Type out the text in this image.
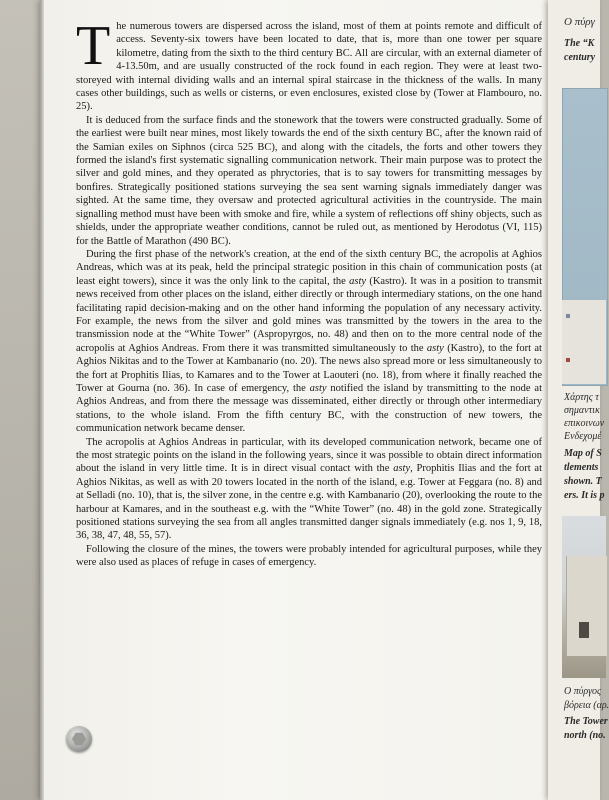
The numerous towers are dispersed across the island, most of them at points remote and difficult of access. Seventy-six towers have been located to date, that is, more than one tower per square kilometre, dating from the sixth to the third century BC. All are circular, with an external diameter of 4-13.50m, and are usually constructed of the rock found in each region. They were at least two-storeyed with internal dividing walls and an internal spiral staircase in the thickness of the walls. In many cases other buildings, such as wells or cisterns, or even enclosures, existed close by (Tower at Flambouro, no. 25).

It is deduced from the surface finds and the stonework that the towers were constructed gradually. Some of the earliest were built near mines, most likely towards the end of the sixth century BC, after the known raid of the Samian exiles on Siphnos (circa 525 BC), and along with the citadels, the forts and other towers they formed the island's first systematic signalling communication network. Their main purpose was to protect the silver and gold mines, and they operated as phryctories, that is to say towers for transmitting messages by bonfires. Strategically positioned stations surveying the sea sent warning signals immediately danger was sighted. At the same time, they oversaw and protected agricultural activities in the countryside. The main signalling method must have been with smoke and fire, while a system of reflections off shiny objects, such as shields, under the appropriate weather conditions, cannot be ruled out, as mentioned by Herodotus (VI, 115) for the Battle of Marathon (490 BC).

During the first phase of the network's creation, at the end of the sixth century BC, the acropolis at Aghios Andreas, which was at its peak, held the principal strategic position in this chain of communication posts (at least eight towers), since it was the only link to the capital, the asty (Kastro). It was in a position to transmit news received from other places on the island, either directly or through intermediary stations, on the one hand facilitating rapid decision-making and on the other hand informing the population of any necessary activity. For example, the news from the silver and gold mines was transmitted by the towers in the area to the transmission node at the “White Tower” (Aspropyrgos, no. 48) and then on to the more central node of the acropolis at Aghios Andreas. From there it was transmitted simultaneously to the asty (Kastro), to the fort at Aghios Nikitas and to the Tower at Kambanario (no. 20). The news also spread more or less simultaneously to the fort at Prophitis Ilias, to Kamares and to the Tower at Laouteri (no. 18), from where it finally reached the Tower at Gourna (no. 36). In case of emergency, the asty notified the island by transmitting to the node at Aghios Andreas, and from there the message was disseminated, either directly or through other intermediary stations, to the whole island. From the fifth century BC, with the construction of new towers, the communication network became denser.

The acropolis at Aghios Andreas in particular, with its developed communication network, became one of the most strategic points on the island in the following years, since it was possible to obtain direct information about the island in very little time. It is in direct visual contact with the asty, Prophitis Ilias and the fort at Aghios Nikitas, as well as with 20 towers located in the north of the island, e.g. Tower at Feggara (no. 8) and at Selladi (no. 10), that is, the silver zone, in the centre e.g. with Kambanario (20), overlooking the route to the harbour at Kamares, and in the southeast e.g. with the “White Tower” (no. 48) in the gold zone. Strategically positioned stations surveying the sea from all angles transmitted danger signals immediately (e.g. nos 1, 9, 18, 36, 38, 47, 48, 55, 57).

Following the closure of the mines, the towers were probably intended for agricultural purposes, while they were also used as places of refuge in cases of emergency.

Ο πύργ
The “K
century
Χάρτης τ
σημαντικ
επικοινων
Ενδεχομέ
Map of S
tlements
shown. T
ers. It is p
Ο πύργος
βόρεια (αρ.
The Tower
north (no.
